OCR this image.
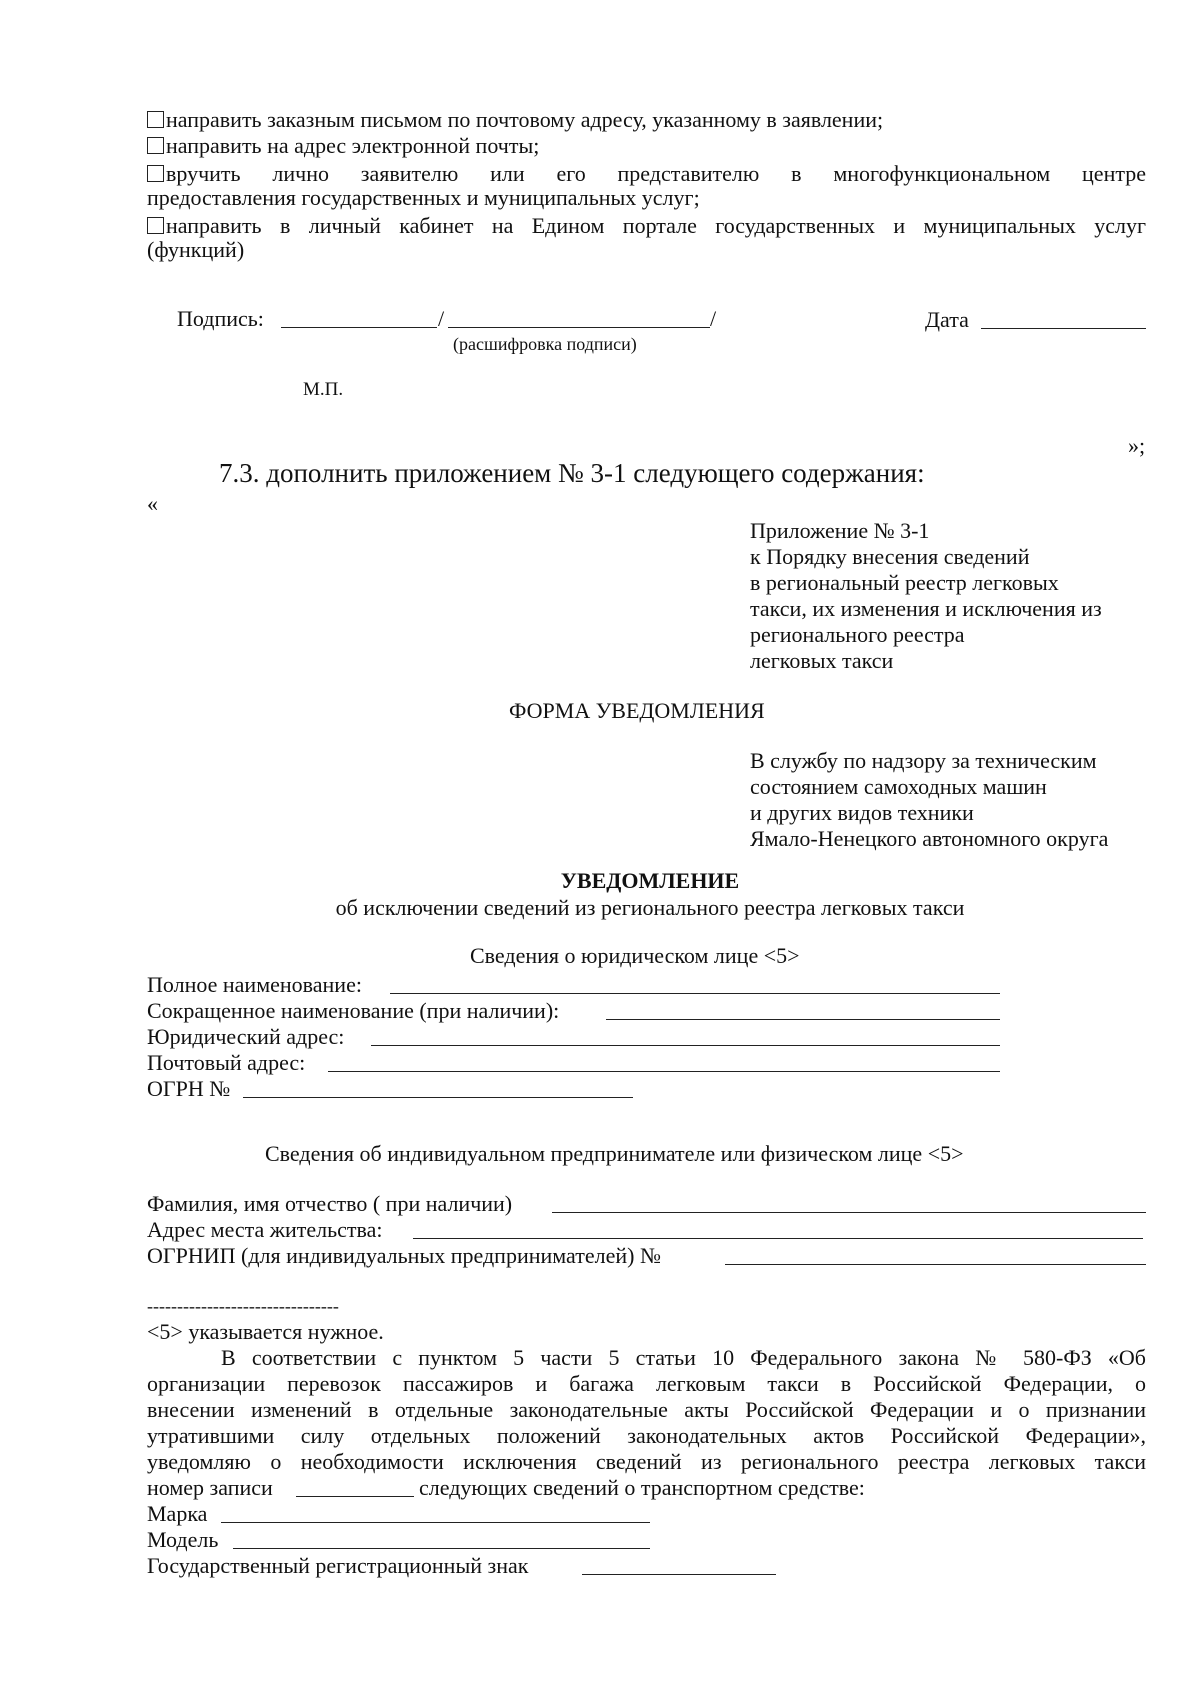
направить заказным письмом по почтовому адресу, указанному в заявлении;
направить на адрес электронной почты;
вручить лично заявителю или его представителю в многофункциональном центре
предоставления государственных и муниципальных услуг;
направить в личный кабинет на Едином портале государственных и муниципальных услуг
(функций)
Подпись:	/	/
(расшифровка подписи)
Дата
М.П.
»;
7.3. дополнить приложением № 3-1 следующего содержания:
«
Приложение № 3-1
к Порядку внесения сведений
в региональный реестр легковых
такси, их изменения и исключения из
регионального реестра
легковых такси
ФОРМА УВЕДОМЛЕНИЯ
В службу по надзору за техническим
состоянием самоходных машин
и других видов техники
Ямало-Ненецкого автономного округа
УВЕДОМЛЕНИЕ
об исключении сведений из регионального реестра легковых такси
Сведения о юридическом лице <5>
Полное наименование:
Сокращенное наименование (при наличии):
Юридический адрес:
Почтовый адрес:
ОГРН №
Сведения об индивидуальном предпринимателе или физическом лице <5>
Фамилия, имя отчество ( при наличии)
Адрес места жительства:
ОГРНИП (для индивидуальных предпринимателей) №
--------------------------------
<5> указывается нужное.
В соответствии с пунктом 5 части 5 статьи 10 Федерального закона № 580-ФЗ «Об
организации перевозок пассажиров и багажа легковым такси в Российской Федерации, о
внесении изменений в отдельные законодательные акты Российской Федерации и о признании
утратившими силу отдельных положений законодательных актов Российской Федерации»,
уведомляю о необходимости исключения сведений из регионального реестра легковых такси
номер записи	следующих сведений о транспортном средстве:
Марка
Модель
Государственный регистрационный знак
